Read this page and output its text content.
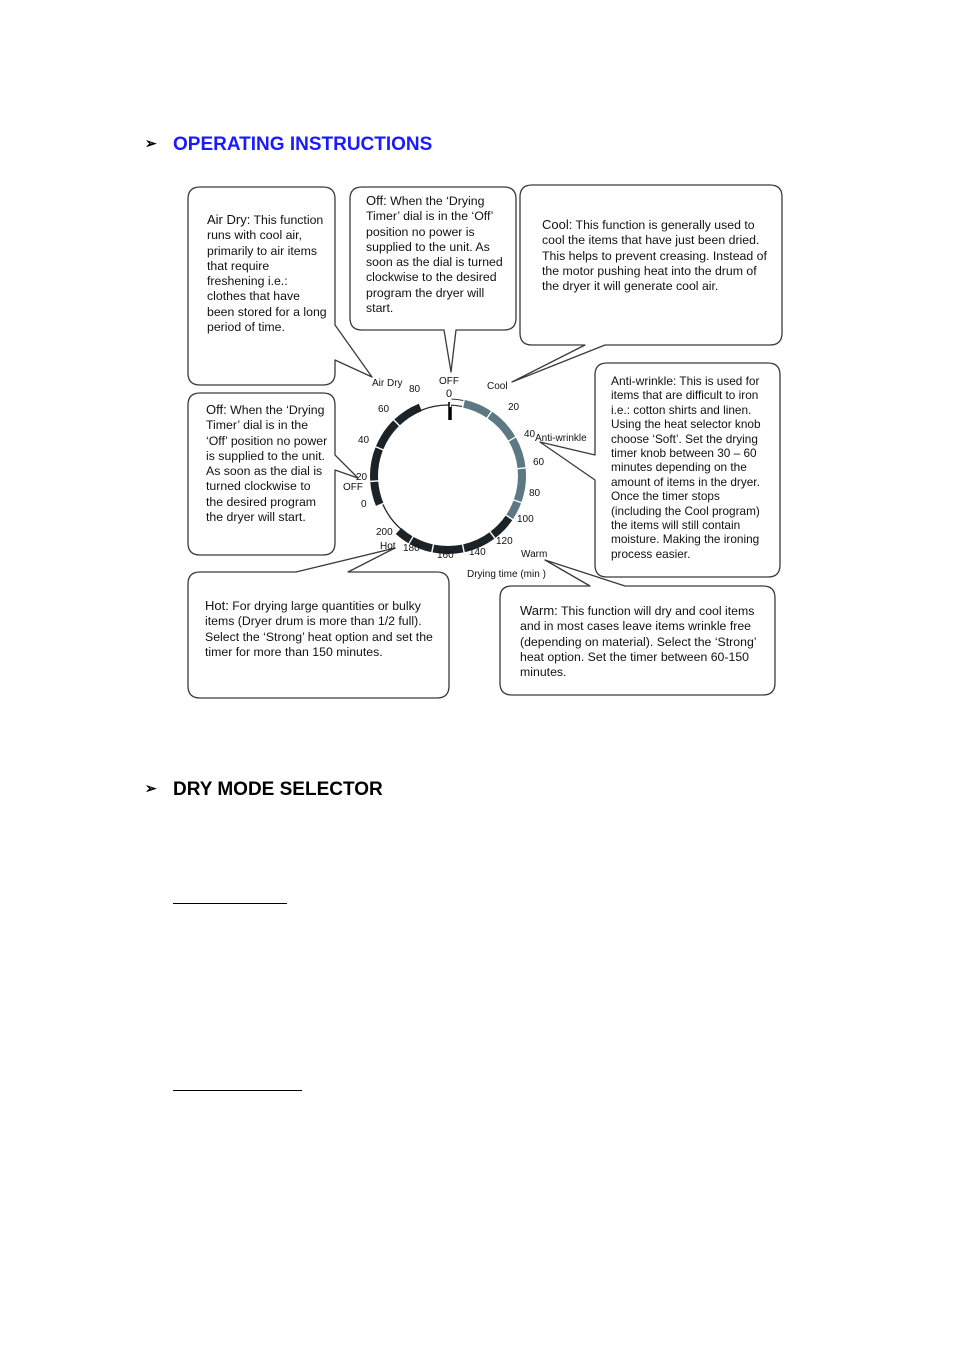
➢ OPERATING INSTRUCTIONS
OFF
0
Air Dry	Cool
Anti-wrinkle
OFF
Hot
Warm
80
60
40
20
0
200
180
160 140
120
100
80
60
40
20
Drying time (min )
Air Dry: This function runs with cool air, primarily to air items that require freshening i.e.: clothes that have been stored for a long period of time.
Off: When the ‘Drying Timer’ dial is in the ‘Off’ position no power is supplied to the unit. As soon as the dial is turned clockwise to the desired program the dryer will start.
Cool: This function is generally used to cool the items that have just been dried. This helps to prevent creasing. Instead of the motor pushing heat into the drum of the dryer it will generate cool air.
Off: When the ‘Drying Timer’ dial is in the ‘Off’ position no power is supplied to the unit. As soon as the dial is turned clockwise to the desired program the dryer will start.
Anti-wrinkle: This is used for items that are difficult to iron i.e.: cotton shirts and linen. Using the heat selector knob choose ‘Soft’. Set the drying timer knob between 30 – 60 minutes depending on the amount of items in the dryer. Once the timer stops (including the Cool program) the items will still contain moisture. Making the ironing process easier.
Hot: For drying large quantities or bulky items (Dryer drum is more than 1/2 full). Select the ‘Strong’ heat option and set the timer for more than 150 minutes.
Warm: This function will dry and cool items and in most cases leave items wrinkle free (depending on material). Select the ‘Strong’ heat option. Set the timer between 60-150 minutes.
➢ DRY MODE SELECTOR
